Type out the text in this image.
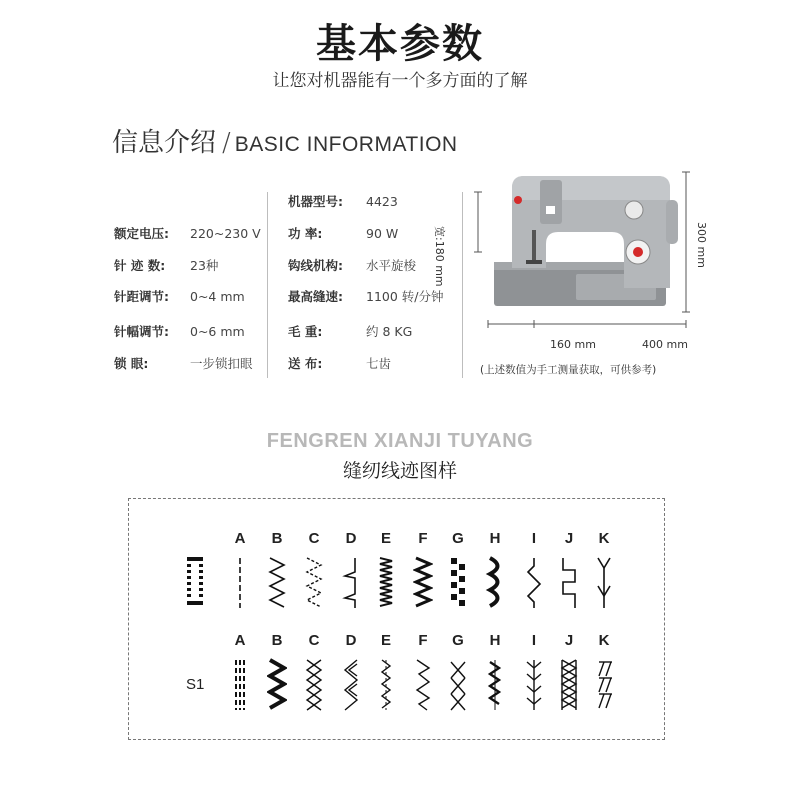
基本参数
让您对机器能有一个多方面的了解
信息介绍 / BASIC INFORMATION
额定电压: 220~230 V
针 迹 数: 23种
针距调节: 0~4 mm
针幅调节: 0~6 mm
锁 眼:	一步锁扣眼
机器型号: 4423
功 率:	90 W
钩线机构: 水平旋梭
最高缝速: 1100 转/分钟
毛 重:	约 8 KG
送 布:	七齿
宽:180 mm	300 mm
160 mm	400 mm
(上述数值为手工测量获取，可供参考)
FENGREN XIANJI TUYANG
缝纫线迹图样
A	B	C	D	E	F	G	H	I	J	K
A	B	C	D	E	F	G	H	I	J	K
S1
